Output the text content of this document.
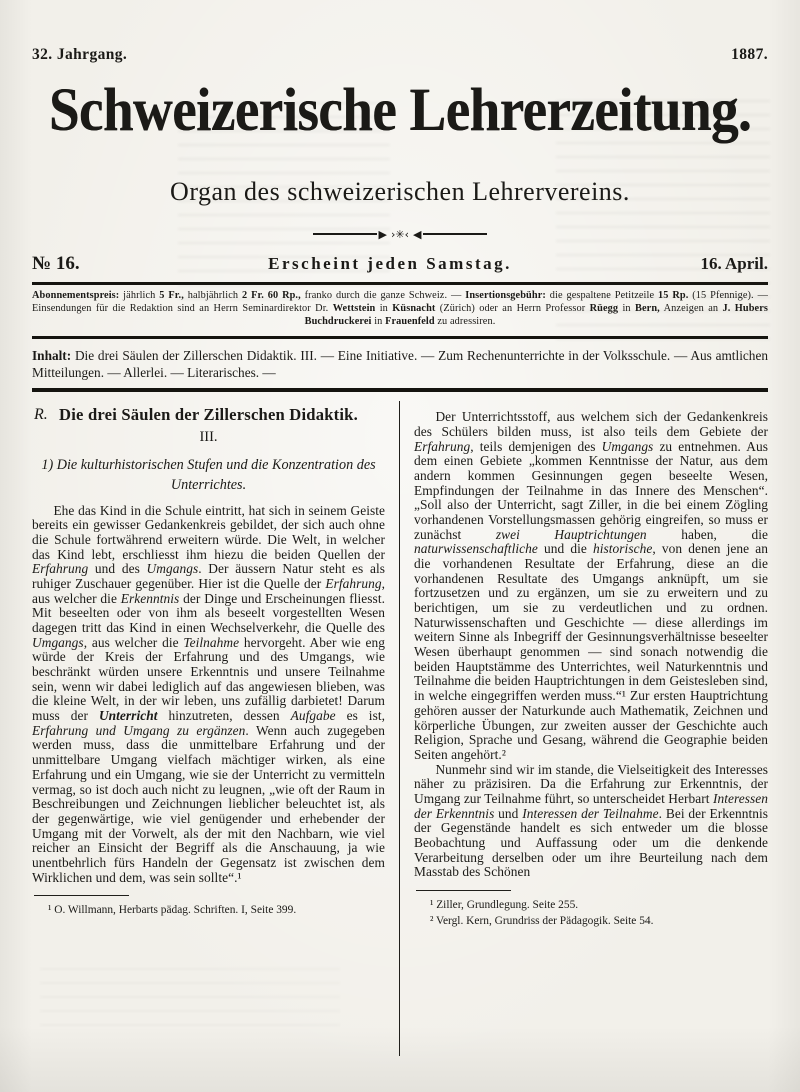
32. Jahrgang.	1887.
Schweizerische Lehrerzeitung.
Organ des schweizerischen Lehrervereins.
▶ ›✳‹ ◀
№ 16.	Erscheint jeden Samstag.	16. April.
Abonnementspreis: jährlich 5 Fr., halbjährlich 2 Fr. 60 Rp., franko durch die ganze Schweiz. — Insertionsgebühr: die gespaltene Petitzeile 15 Rp. (15 Pfennige). — Einsendungen für die Redaktion sind an Herrn Seminardirektor Dr. Wettstein in Küsnacht (Zürich) oder an Herrn Professor Rüegg in Bern, Anzeigen an J. Hubers Buchdruckerei in Frauenfeld zu adressiren.
Inhalt: Die drei Säulen der Zillerschen Didaktik. III. — Eine Initiative. — Zum Rechenunterrichte in der Volksschule. — Aus amtlichen Mitteilungen. — Allerlei. — Literarisches. —
R. Die drei Säulen der Zillerschen Didaktik.
III.
1) Die kulturhistorischen Stufen und die Konzentration des Unterrichtes.
Ehe das Kind in die Schule eintritt, hat sich in seinem Geiste bereits ein gewisser Gedankenkreis gebildet, der sich auch ohne die Schule fortwährend erweitern würde. Die Welt, in welcher das Kind lebt, erschliesst ihm hiezu die beiden Quellen der Erfahrung und des Umgangs. Der äussern Natur steht es als ruhiger Zuschauer gegenüber. Hier ist die Quelle der Erfahrung, aus welcher die Erkenntnis der Dinge und Erscheinungen fliesst. Mit beseelten oder von ihm als beseelt vorgestellten Wesen dagegen tritt das Kind in einen Wechselverkehr, die Quelle des Umgangs, aus welcher die Teilnahme hervorgeht. Aber wie eng würde der Kreis der Erfahrung und des Umgangs, wie beschränkt würden unsere Erkenntnis und unsere Teilnahme sein, wenn wir dabei lediglich auf das angewiesen blieben, was die kleine Welt, in der wir leben, uns zufällig darbietet! Darum muss der Unterricht hinzutreten, dessen Aufgabe es ist, Erfahrung und Umgang zu ergänzen. Wenn auch zugegeben werden muss, dass die unmittelbare Erfahrung und der unmittelbare Umgang vielfach mächtiger wirken, als eine Erfahrung und ein Umgang, wie sie der Unterricht zu vermitteln vermag, so ist doch auch nicht zu leugnen, „wie oft der Raum in Beschreibungen und Zeichnungen lieblicher beleuchtet ist, als der gegenwärtige, wie viel genügender und erhebender der Umgang mit der Vorwelt, als der mit den Nachbarn, wie viel reicher an Einsicht der Begriff als die Anschauung, ja wie unentbehrlich fürs Handeln der Gegensatz ist zwischen dem Wirklichen und dem, was sein sollte“.¹
¹ O. Willmann, Herbarts pädag. Schriften. I, Seite 399.
Der Unterrichtsstoff, aus welchem sich der Gedankenkreis des Schülers bilden muss, ist also teils dem Gebiete der Erfahrung, teils demjenigen des Umgangs zu entnehmen. Aus dem einen Gebiete „kommen Kenntnisse der Natur, aus dem andern kommen Gesinnungen gegen beseelte Wesen, Empfindungen der Teilnahme in das Innere des Menschen“. „Soll also der Unterricht, sagt Ziller, in die bei einem Zögling vorhandenen Vorstellungsmassen gehörig eingreifen, so muss er zunächst zwei Hauptrichtungen haben, die naturwissenschaftliche und die historische, von denen jene an die vorhandenen Resultate der Erfahrung, diese an die vorhandenen Resultate des Umgangs anknüpft, um sie fortzusetzen und zu ergänzen, um sie zu erweitern und zu berichtigen, um sie zu verdeutlichen und zu ordnen. Naturwissenschaften und Geschichte — diese allerdings im weitern Sinne als Inbegriff der Gesinnungsverhältnisse beseelter Wesen überhaupt genommen — sind sonach notwendig die beiden Hauptstämme des Unterrichtes, weil Naturkenntnis und Teilnahme die beiden Hauptrichtungen in dem Geistesleben sind, in welche eingegriffen werden muss.“¹ Zur ersten Hauptrichtung gehören ausser der Naturkunde auch Mathematik, Zeichnen und körperliche Übungen, zur zweiten ausser der Geschichte auch Religion, Sprache und Gesang, während die Geographie beiden Seiten angehört.²
Nunmehr sind wir im stande, die Vielseitigkeit des Interesses näher zu präzisiren. Da die Erfahrung zur Erkenntnis, der Umgang zur Teilnahme führt, so unterscheidet Herbart Interessen der Erkenntnis und Interessen der Teilnahme. Bei der Erkenntnis der Gegenstände handelt es sich entweder um die blosse Beobachtung und Auffassung oder um die denkende Verarbeitung derselben oder um ihre Beurteilung nach dem Masstab des Schönen
¹ Ziller, Grundlegung. Seite 255.
² Vergl. Kern, Grundriss der Pädagogik. Seite 54.
